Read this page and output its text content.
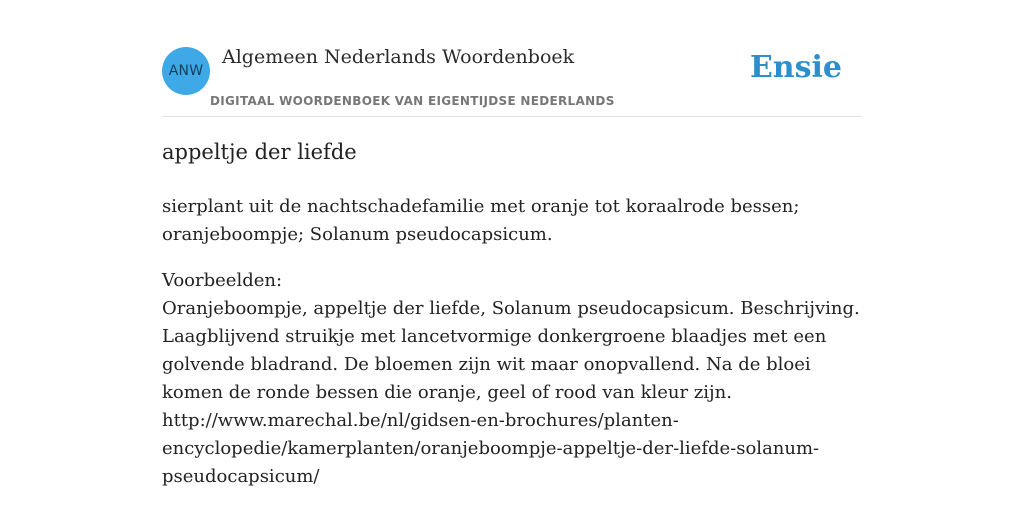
ANW
Algemeen Nederlands Woordenboek
DIGITAAL WOORDENBOEK VAN EIGENTIJDSE NEDERLANDS
Ensie
appeltje der liefde

sierplant uit de nachtschadefamilie met oranje tot koraalrode bessen; oranjeboompje; Solanum pseudocapsicum.

Voorbeelden:
Oranjeboompje, appeltje der liefde, Solanum pseudocapsicum. Beschrijving. Laagblijvend struikje met lancetvormige donkergroene blaadjes met een golvende bladrand. De bloemen zijn wit maar onopvallend. Na de bloei komen de ronde bessen die oranje, geel of rood van kleur zijn.
http://www.marechal.be/nl/gidsen-en-brochures/planten-
encyclopedie/kamerplanten/oranjeboompje-appeltje-der-liefde-solanum-
pseudocapsicum/
